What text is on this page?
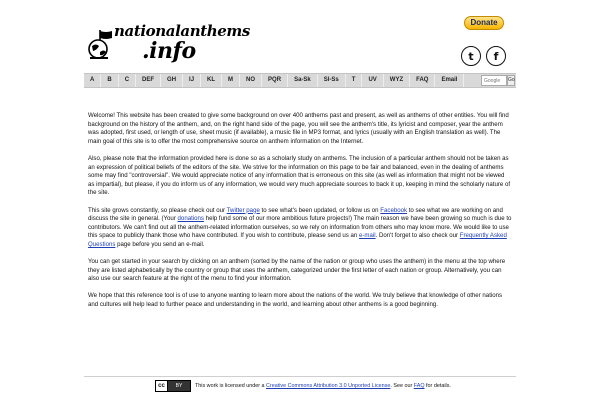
nationalanthems
.info
Donate
t f
A	B	C	DEF	GH	IJ	KL	M	NO	PQR	Sa-Sk	Sl-Ss	T	UV	WYZ	FAQ	Email
Google	Go

Welcome! This website has been created to give some background on over 400 anthems past and present, as well as anthems of other entities. You will find background on the history of the anthem, and, on the right hand side of the page, you will see the anthem's title, its lyricist and composer, year the anthem was adopted, first used, or length of use, sheet music (if available), a music file in MP3 format, and lyrics (usually with an English translation as well). The main goal of this site is to offer the most comprehensive source on anthem information on the Internet.

Also, please note that the information provided here is done so as a scholarly study on anthems. The inclusion of a particular anthem should not be taken as an expression of political beliefs of the editors of the site. We strive for the information on this page to be fair and balanced, even in the dealing of anthems some may find "controversial". We would appreciate notice of any information that is erroneous on this site (as well as information that might not be viewed as impartial), but please, if you do inform us of any information, we would very much appreciate sources to back it up, keeping in mind the scholarly nature of the site.

This site grows constantly, so please check out our Twitter page to see what's been updated, or follow us on Facebook to see what we are working on and discuss the site in general. (Your donations help fund some of our more ambitious future projects!) The main reason we have been growing so much is due to contributors. We can't find out all the anthem-related information ourselves, so we rely on information from others who may know more. We would like to use this space to publicly thank those who have contributed. If you wish to contribute, please send us an e-mail. Don't forget to also check our Frequently Asked Questions page before you send an e-mail.

You can get started in your search by clicking on an anthem (sorted by the name of the nation or group who uses the anthem) in the menu at the top where they are listed alphabetically by the country or group that uses the anthem, categorized under the first letter of each nation or group. Alternatively, you can also use our search feature at the right of the menu to find your information.

We hope that this reference tool is of use to anyone wanting to learn more about the nations of the world. We truly believe that knowledge of other nations and cultures will help lead to further peace and understanding in the world, and learning about other anthems is a good beginning.

cc	BY	This work is licensed under a Creative Commons Attribution 3.0 Unported License. See our FAQ for details.
